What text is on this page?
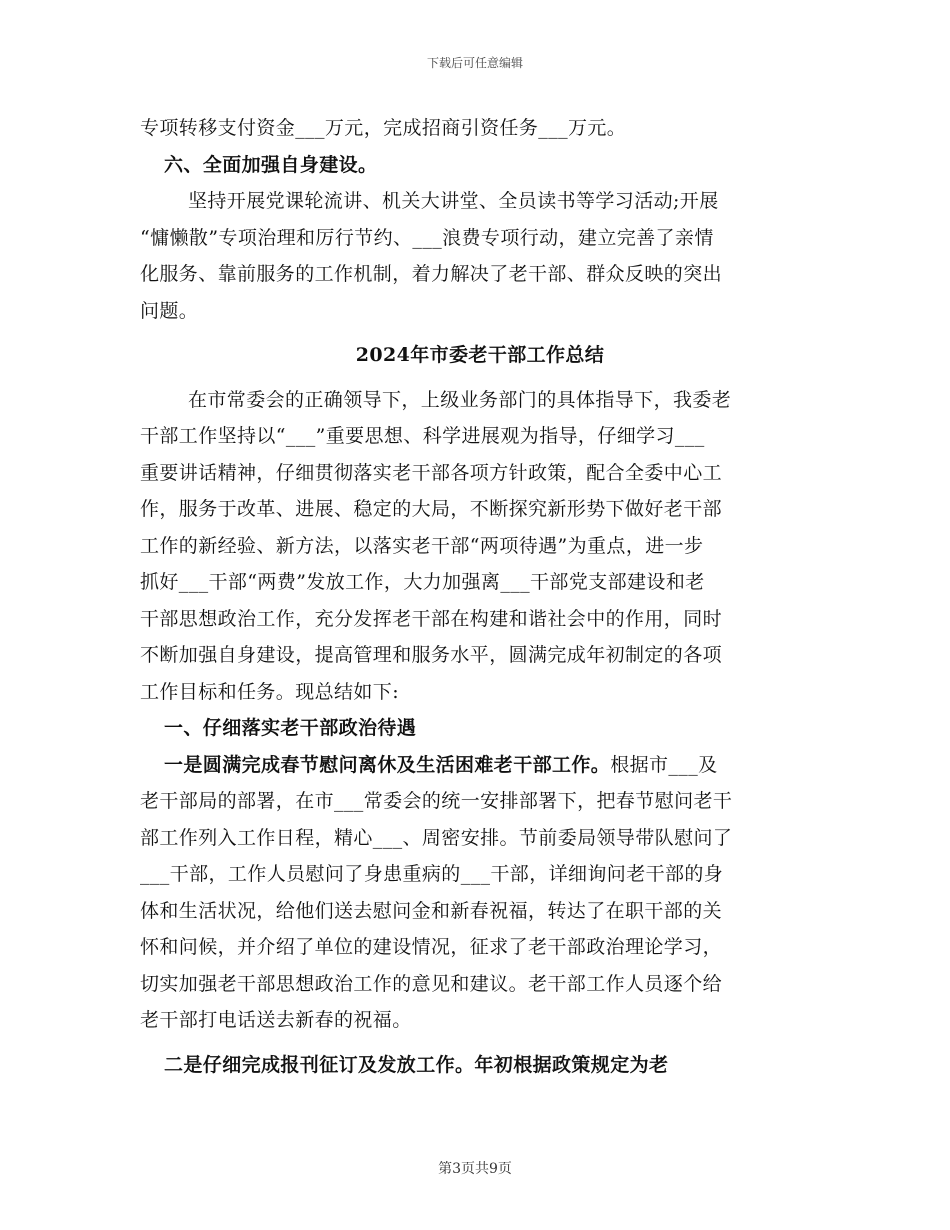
下载后可任意编辑
专项转移支付资金___万元，完成招商引资任务___万元。
六、全面加强自身建设。
坚持开展党课轮流讲、机关大讲堂、全员读书等学习活动;开展
“慵懒散”专项治理和厉行节约、___浪费专项行动，建立完善了亲情
化服务、靠前服务的工作机制，着力解决了老干部、群众反映的突出
问题。
2024年市委老干部工作总结
在市常委会的正确领导下，上级业务部门的具体指导下，我委老
干部工作坚持以“___”重要思想、科学进展观为指导，仔细学习___
重要讲话精神，仔细贯彻落实老干部各项方针政策，配合全委中心工
作，服务于改革、进展、稳定的大局，不断探究新形势下做好老干部
工作的新经验、新方法，以落实老干部“两项待遇”为重点，进一步
抓好___干部“两费”发放工作，大力加强离___干部党支部建设和老
干部思想政治工作，充分发挥老干部在构建和谐社会中的作用，同时
不断加强自身建设，提高管理和服务水平，圆满完成年初制定的各项
工作目标和任务。现总结如下:
一、仔细落实老干部政治待遇
一是圆满完成春节慰问离休及生活困难老干部工作。根据市___及
老干部局的部署，在市___常委会的统一安排部署下，把春节慰问老干
部工作列入工作日程，精心___、周密安排。节前委局领导带队慰问了
___干部，工作人员慰问了身患重病的___干部，详细询问老干部的身
体和生活状况，给他们送去慰问金和新春祝福，转达了在职干部的关
怀和问候，并介绍了单位的建设情况，征求了老干部政治理论学习，
切实加强老干部思想政治工作的意见和建议。老干部工作人员逐个给
老干部打电话送去新春的祝福。
二是仔细完成报刊征订及发放工作。年初根据政策规定为老
第3页共9页
